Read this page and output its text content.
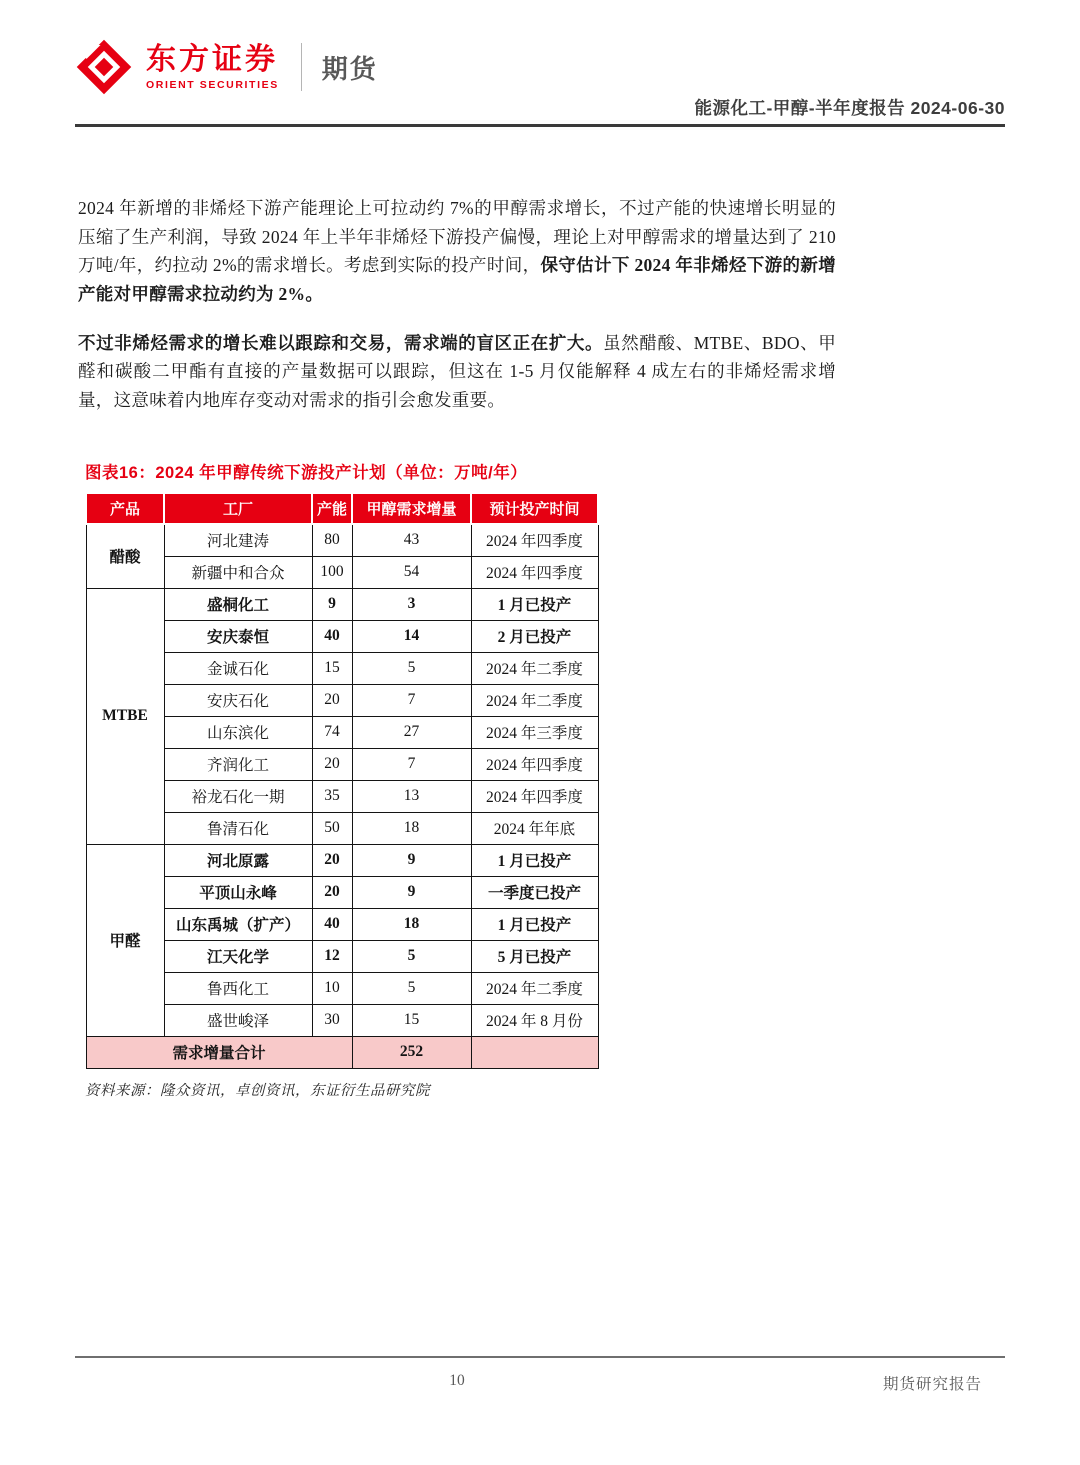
东方证券
ORIENT SECURITIES
期货
能源化工-甲醇-半年度报告 2024-06-30

2024 年新增的非烯烃下游产能理论上可拉动约 7%的甲醇需求增长，不过产能的快速增长明显的压缩了生产利润，导致 2024 年上半年非烯烃下游投产偏慢，理论上对甲醇需求的增量达到了 210 万吨/年，约拉动 2%的需求增长。考虑到实际的投产时间，保守估计下 2024 年非烯烃下游的新增产能对甲醇需求拉动约为 2%。

不过非烯烃需求的增长难以跟踪和交易，需求端的盲区正在扩大。虽然醋酸、MTBE、BDO、甲醛和碳酸二甲酯有直接的产量数据可以跟踪，但这在 1-5 月仅能解释 4 成左右的非烯烃需求增量，这意味着内地库存变动对需求的指引会愈发重要。

图表16：2024 年甲醇传统下游投产计划（单位：万吨/年）
产品	工厂	产能	甲醇需求增量	预计投产时间
醋酸	河北建涛	80	43	2024 年四季度
	新疆中和合众	100	54	2024 年四季度
MTBE	盛桐化工	9	3	1 月已投产
	安庆泰恒	40	14	2 月已投产
	金诚石化	15	5	2024 年二季度
	安庆石化	20	7	2024 年二季度
	山东滨化	74	27	2024 年三季度
	齐润化工	20	7	2024 年四季度
	裕龙石化一期	35	13	2024 年四季度
	鲁清石化	50	18	2024 年年底
甲醛	河北原露	20	9	1 月已投产
	平顶山永峰	20	9	一季度已投产
	山东禹城（扩产）	40	18	1 月已投产
	江天化学	12	5	5 月已投产
	鲁西化工	10	5	2024 年二季度
	盛世峻泽	30	15	2024 年 8 月份
需求增量合计			252	
资料来源：隆众资讯，卓创资讯，东证衍生品研究院
10	期货研究报告
